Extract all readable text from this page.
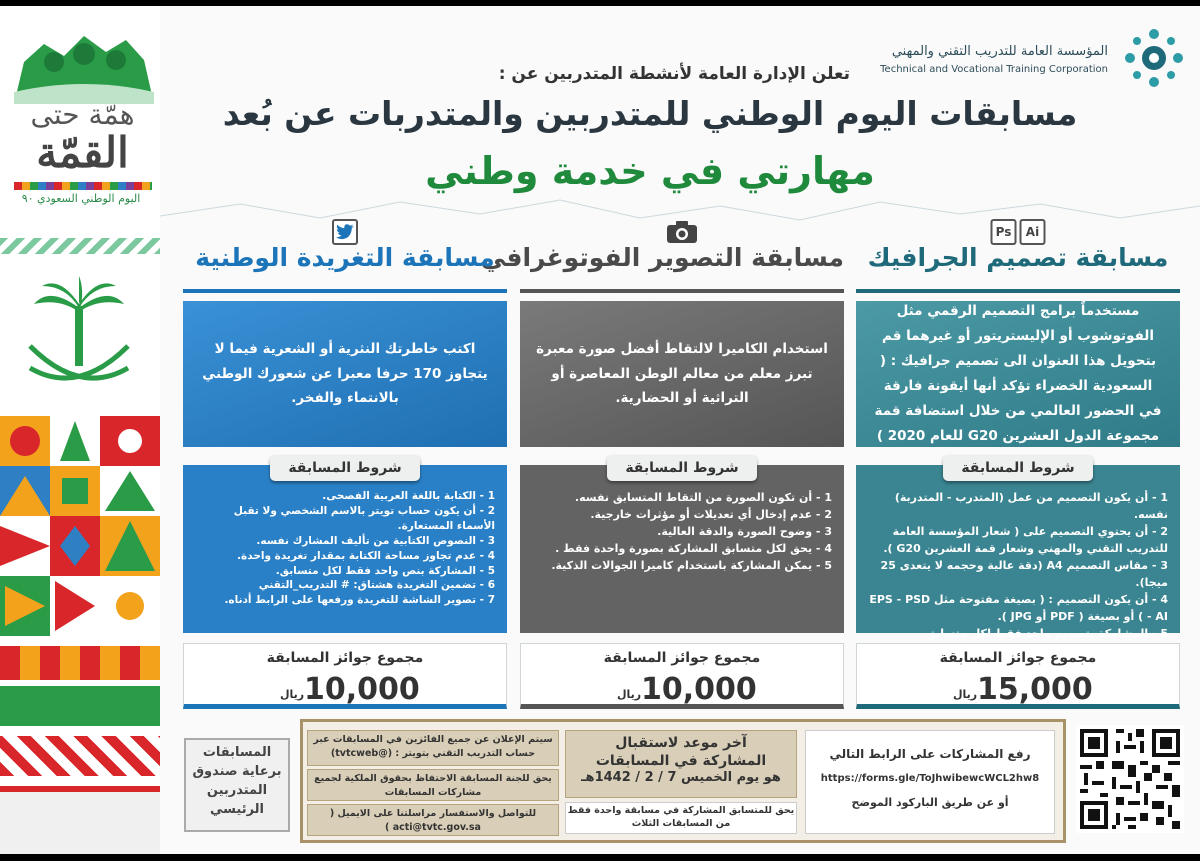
همّة حتى
القمّة
اليوم الوطني السعودي ٩٠
المؤسسة العامة للتدريب التقني والمهني
Technical and Vocational Training Corporation
تعلن الإدارة العامة لأنشطة المتدربين عن :
مسابقات اليوم الوطني للمتدربين والمتدربات عن بُعد
مهارتي في خدمة وطني
Ps	Ai
مسابقة تصميم الجرافيك
مستخدماً برامج التصميم الرقمي مثل الفوتوشوب أو الإليستريتور أو غيرهما قم بتحويل هذا العنوان الى تصميم جرافيك : ( السعودية الخضراء تؤكد أنها أيقونة فارقة في الحضور العالمي من خلال استضافة قمة مجموعة الدول العشرين G20 للعام 2020 )
شروط المسابقة
1 - أن يكون التصميم من عمل (المتدرب - المتدربة) نفسه.
2 - أن يحتوي التصميم على ( شعار المؤسسة العامة للتدريب التقني والمهني وشعار قمة العشرين G20 ).
3 - مقاس التصميم A4 (دقة عالية وحجمه لا يتعدى 25 ميجا).
4 - أن يكون التصميم : ( بصيغة مفتوحة مثل EPS - PSD - AI ) أو بصيغة ( PDF أو JPG ).
5 - المشاركة بتصميم واحد فقط لكل متسابق.
مجموع جوائز المسابقة
15,000
ريال
مسابقة التصوير الفوتوغرافي
استخدام الكاميرا لالتقاط أفضل صورة معبرة تبرز معلم من معالم الوطن المعاصرة أو التراثية أو الحضارية.
شروط المسابقة
1 - أن تكون الصورة من التقاط المتسابق نفسه.
2 - عدم إدخال أي تعديلات أو مؤثرات خارجية.
3 - وضوح الصورة والدقة العالية.
4 - يحق لكل متسابق المشاركة بصورة واحدة فقط .
5 - يمكن المشاركة باستخدام كاميرا الجوالات الذكية.
مجموع جوائز المسابقة
10,000
ريال
مسابقة التغريدة الوطنية
اكتب خاطرتك النثرية أو الشعرية فيما لا يتجاوز 170 حرفا معبرا عن شعورك الوطني بالانتماء والفخر.
شروط المسابقة
1 - الكتابة باللغة العربية الفصحى.
2 - أن يكون حساب تويتر بالاسم الشخصي ولا تقبل الأسماء المستعارة.
3 - النصوص الكتابية من تأليف المشارك نفسه.
4 - عدم تجاوز مساحة الكتابة بمقدار تغريدة واحدة.
5 - المشاركة بنص واحد فقط لكل متسابق.
6 - تضمين التغريدة هشتاق: # التدريب_التقني
7 - تصوير الشاشة للتغريدة ورفعها على الرابط أدناه.
مجموع جوائز المسابقة
10,000
ريال
المسابقات برعاية صندوق المتدربين الرئيسي
رفع المشاركات على الرابط التالي
https://forms.gle/ToJhwibewcWCL2hw8
أو عن طريق الباركود الموضح
آخر موعد لاستقبال
المشاركة في المسابقات
هو يوم الخميس 7 / 2 / 1442هـ
يحق للمتسابق المشاركة في مسابقة واحدة فقط من المسابقات الثلاث
سيتم الإعلان عن جميع الفائزين في المسابقات عبر حساب التدريب التقني بتويتر : (@tvtcweb)
يحق للجنة المسابقة الاحتفاظ بحقوق الملكية لجميع مشاركات المسابقات
للتواصل والاستفسار مراسلتنا على الايميل ( acti@tvtc.gov.sa )
